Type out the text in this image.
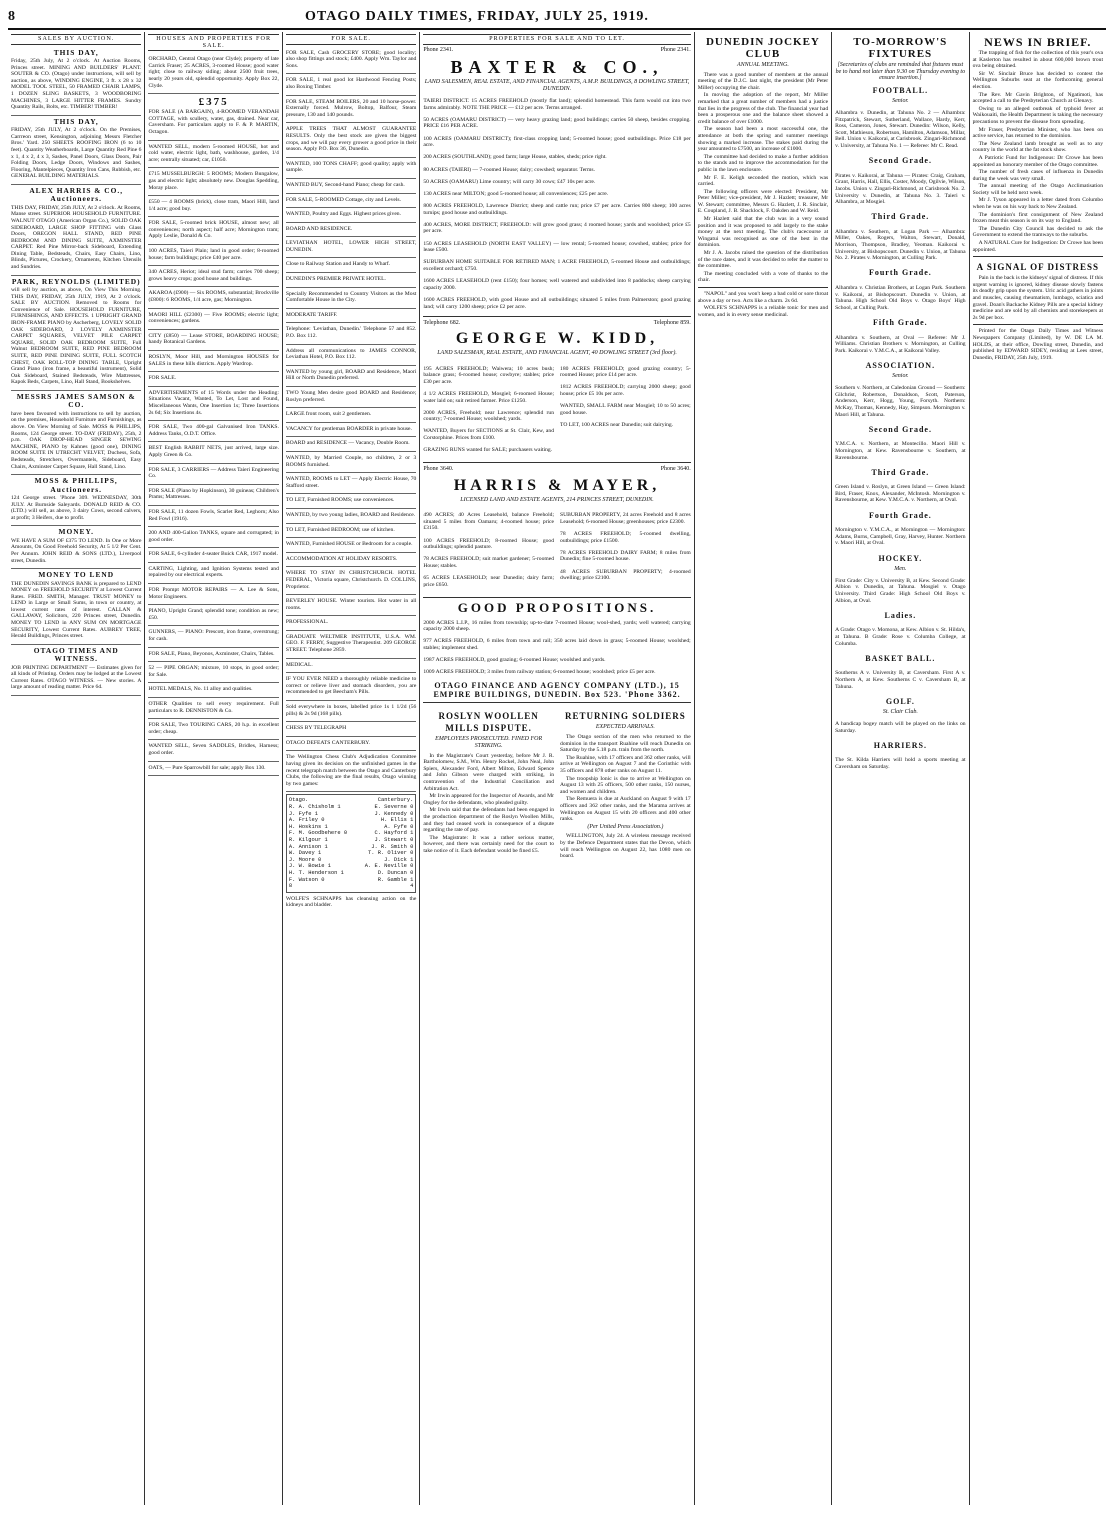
8	OTAGO DAILY TIMES, FRIDAY, JULY 25, 1919.
SALES BY AUCTION.
THIS DAY,

Friday, 25th July, At 2 o'clock. At Auction Rooms, Princes street. MINING AND BUILDERS' PLANT. SOUTER & CO. (Otago) under instructions, will sell by auction, as above, WINDING ENGINE, 3 ft. x 28 x 32 MODEL TOOL STEEL, 50 FRAMED CHAIR LAMPS, 1 DOZEN SLING BASKETS, 3 WOODBORING MACHINES, 3 LARGE HITTER FRAMES. Sundry Quantity Rails, Bolts, etc. TIMBER! TIMBER!

THIS DAY,

FRIDAY, 25th JULY, At 2 o'clock. On the Premises, Carrreon street, Kensington, adjoining Messrs Fletcher Bros.' Yard. 250 SHEETS ROOFING IRON (6 to 10 feet). Quantity Weatherboards, Large Quantity Red Pine 6 x 1, 4 x 2, 4 x 3, Sashes, Panel Doors, Glass Doors, Pair Folding Doors, Ledge Doors, Windows and Sashes, Flooring, Mantelpieces, Quantity Iron Cans, Rubbish, etc. GENERAL BUILDING MATERIALS.

ALEX HARRIS & CO., Auctioneers.

THIS DAY, FRIDAY, 25th JULY, At 2 o'clock. At Rooms, Manse street. SUPERIOR HOUSEHOLD FURNITURE. WALNUT OTAGO (American Organ Co.), SOLID OAK SIDEBOARD, LARGE SHOP FITTING with Glass Doors, OREGON HALL STAND, RED PINE BEDROOM AND DINING SUITE, AXMINSTER CARPET. Red Pine Mirror-back Sideboard, Extending Dining Table, Bedsteads, Chairs, Easy Chairs, Lino, Blinds, Pictures, Crockery, Ornaments, Kitchen Utensils and Sundries.

PARK, REYNOLDS (LIMITED)

will sell by auction, as above, On View This Morning. THIS DAY, FRIDAY, 25th JULY, 1919, At 2 o'clock. SALE BY AUCTION. Removed to Rooms for Convenience of Sale. HOUSEHOLD FURNITURE, FURNISHINGS, AND EFFECTS. 1 UPRIGHT GRAND IRON-FRAME PIANO by Ascherberg, LOVELY SOLID OAK SIDEBOARD, 2 LOVELY AXMINSTER CARPET SQUARES, VELVET PILE CARPET SQUARE, SOLID OAK BEDROOM SUITE, Full Walnut BEDROOM SUITE, RED PINE BEDROOM SUITE, RED PINE DINING SUITE, FULL SCOTCH CHEST, OAK ROLL-TOP DINING TABLE, Upright Grand Piano (iron frame, a beautiful instrument), Solid Oak Sideboard, Stained Bedsteads, Wire Mattresses, Kapok Beds, Carpets, Lino, Hall Stand, Bookshelves.

MESSRS JAMES SAMSON & CO.

have been favoured with instructions to sell by auction, on the premises, Household Furniture and Furnishings, as above. On View Morning of Sale. MOSS & PHILLIPS, Rooms, 124 George street. TO-DAY (FRIDAY), 25th, 2 p.m. OAK DROP-HEAD SINGER SEWING MACHINE, PIANO by Kahnes (good one), DINING ROOM SUITE IN UTRECHT VELVET, Duchess, Sofa, Bedsteads, Stretchers, Overmantels, Sideboard, Easy Chairs, Axminster Carpet Square, Hall Stand, Lino.

MOSS & PHILLIPS, Auctioneers.

124 George street. 'Phone 309. WEDNESDAY, 30th JULY. At Burnside Saleyards. DONALD REID & CO. (LTD.) will sell, as above, 3 dairy Cows, second calvers, at profit; 3 Heifers, due to profit.

MONEY.

WE HAVE A SUM OF £375 TO LEND. In One or More Amounts, On Good Freehold Security, At 5 1/2 Per Cent. Per Annum. JOHN REID & SONS (LTD.), Liverpool street, Dunedin.

MONEY TO LEND

THE DUNEDIN SAVINGS BANK is prepared to LEND MONEY on FREEHOLD SECURITY at Lowest Current Rates. FRED. SMITH, Manager. TRUST MONEY to LEND in Large or Small Sums, in town or country, at lowest current rates of interest. CALLAN & GALLAWAY, Solicitors, 220 Princes street, Dunedin. MONEY TO LEND in ANY SUM ON MORTGAGE SECURITY, Lowest Current Rates. AUBREY TREE, Herald Buildings, Princes street.

OTAGO TIMES AND WITNESS.

JOB PRINTING DEPARTMENT — Estimates given for all kinds of Printing. Orders may be lodged at the Lowest Current Rates. OTAGO WITNESS. — New stories. A large amount of reading matter. Price 6d.

HOUSES AND PROPERTIES FOR SALE.

ORCHARD, Central Otago (near Clyde); property of late Carrick Fraser; 25 ACRES, 3-roomed House; good water right; close to railway siding; about 2500 fruit trees, nearly 20 years old, splendid opportunity. Apply Box 22, Clyde.

£375

FOR SALE (A BARGAIN), 4-ROOMED VERANDAH COTTAGE, with scullery, water, gas, drained. Near car, Caversham. For particulars apply to F. & P. MARTIN, Octagon.

WANTED SELL, modern 5-roomed HOUSE, hot and cold water, electric light, bath, washhouse, garden, 1/4 acre; centrally situated; car, £1050.

£715 MUSSELBURGH: 5 ROOMS; Modern Bungalow, gas and electric light; absolutely new. Douglas Spedding, Moray place.

£550 — 4 ROOMS (brick), close tram, Maori Hill, land 1/4 acre; good buy.

FOR SALE, 5-roomed brick HOUSE, almost new; all conveniences; north aspect; half acre; Mornington tram; Apply Leslie, Donald & Co.

100 ACRES, Taieri Plain; land in good order; 8-roomed house; farm buildings; price £40 per acre.

340 ACRES, Heriot; ideal stud farm; carries 700 sheep; grows heavy crops; good house and buildings.

AKAROA (£900) — Six ROOMS, substantial; Brockville (£800): 6 ROOMS, 1/4 acre, gas; Mornington.

MAORI HILL (£2300) — Five ROOMS; electric light; conveniences; gardens.

CITY (£850) — Lease STORE, BOARDING HOUSE; handy Botanical Gardens.

ROSLYN, Moor Hill, and Mornington HOUSES for SALES in these hills districts. Apply Wardrop.

FOR SALE.

ADVERTISEMENTS of 15 Words under the Heading: Situations Vacant, Wanted, To Let, Lost and Found, Miscellaneous Wants, One Insertion 1s; Three Insertions 2s 6d; Six Insertions 4s.

FOR SALE, Two 400-gal Galvanised Iron TANKS. Address Tanks, O.D.T. Office.

BEST English RABBIT NETS, just arrived, large size. Apply Green & Co.

FOR SALE, 3 CARRIERS — Address Taieri Engineering Co.

FOR SALE (Piano by Hopkinson), 30 guineas; Children's Prams; Mattresses.

FOR SALE, 11 dozen Fowls, Scarlet Red, Leghorn; Also Red Fowl (1916).

200 AND 400-Gallon TANKS, square and corrugated; in good order.

FOR SALE, 6-cylinder 4-seater Buick CAR, 1917 model.

CARTING, Lighting, and Ignition Systems tested and repaired by our electrical experts.

FOR Prompt MOTOR REPAIRS — A. Lee & Sons, Motor Engineers.

PIANO, Upright Grand; splendid tone; condition as new; £50.

GUNNERS, — PIANO: Prescott, iron frame, overstrung; for cash.

FOR SALE, Piano, Beyonos, Axminster, Chairs, Tables.

52 — PIPE ORGAN; mixture, 10 stops, in good order; for Sale.

HOTEL MEDALS, No. 11 alloy and qualities.

OTHER Qualities to sell every requirement. Full particulars to R. DENNISTON & Co.

FOR SALE, Two TOURING CARS, 20 h.p. in excellent order; cheap.

WANTED SELL, Seven SADDLES, Bridles, Harness; good order.

OATS, — Pure Sparrowbill for sale; apply Box 130.

FOR SALE.

FOR SALE, Cash GROCERY STORE; good locality; also shop fittings and stock; £400. Apply Wm. Taylor and Sons.

FOR SALE, 1 real good lot Hardwood Fencing Posts; also Boxing Timber.

FOR SALE, STEAM BOILERS, 20 and 10 horse-power. Externally forced. Mulrow, Boltop, Balfour, Steam pressure, 130 and 140 pounds.

APPLE TREES THAT ALMOST GUARANTEE RESULTS. Only the best stock are given the biggest crops, and we will pay every grower a good price in their season. Apply P.O. Box 36, Dunedin.

WANTED, 100 TONS CHAFF; good quality; apply with sample.

WANTED BUY, Second-hand Piano; cheap for cash.

FOR SALE, 5-ROOMED Cottage, city and Levels.

WANTED, Poultry and Eggs. Highest prices given.

BOARD AND RESIDENCE.

LEVIATHAN HOTEL, LOWER HIGH STREET, DUNEDIN.

Close to Railway Station and Handy to Wharf.

DUNEDIN'S PREMIER PRIVATE HOTEL.

Specially Recommended to Country Visitors as the Most Comfortable House in the City.

MODERATE TARIFF.

Telephone: 'Leviathan, Dunedin.' Telephone 57 and 852. P.O. Box 112.

Address all communications to JAMES CONNOR, Leviathan Hotel, P.O. Box 112.

WANTED by young girl, BOARD and Residence, Maori Hill or North Dunedin preferred.

TWO Young Men desire good BOARD and Residence; Roslyn preferred.

LARGE front room, suit 2 gentlemen.

VACANCY for gentleman BOARDER in private house.

BOARD and RESIDENCE — Vacancy, Double Room.

WANTED, by Married Couple, no children, 2 or 3 ROOMS furnished.

WANTED, ROOMS to LET — Apply Electric House, 70 Stafford street.

TO LET, Furnished ROOMS; use conveniences.

WANTED, by two young ladies, BOARD and Residence.

TO LET, Furnished BEDROOM; use of kitchen.

WANTED, Furnished HOUSE or Bedroom for a couple.

ACCOMMODATION AT HOLIDAY RESORTS.

WHERE TO STAY IN CHRISTCHURCH. HOTEL FEDERAL, Victoria square, Christchurch. D. COLLINS, Proprietor.

BEVERLEY HOUSE. Winter tourists. Hot water in all rooms.

PROFESSIONAL.

GRADUATE WELTMER INSTITUTE, U.S.A. WM. GEO. F. FERRY, Suggestive Therapeutist. 209 GEORGE STREET. Telephone 2859.

MEDICAL.

IF YOU EVER NEED a thoroughly reliable medicine to correct or relieve liver and stomach disorders, you are recommended to get Beecham's Pills.

Sold everywhere in boxes, labelled price 1s 1 1/2d (56 pills) & 2s 9d (168 pills).

CHESS BY TELEGRAPH

OTAGO DEFEATS CANTERBURY.

The Wellington Chess Club's Adjudication Committee having given its decision on the unfinished games in the recent telegraph match between the Otago and Canterbury Clubs, the following are the final results, Otago winning by two games:

Otago.	Canterbury.
R. A. Chisholm 1	E. Severne 0
J. Fyfe 1	J. Kennedy 0
A. Friley 0	H. Ellis 1
H. Hoskins 1	A. Fyfe 0
F. M. Goodbehere 0	C. Hayford 1
R. Kilgour 1	J. Stewart 0
A. Annison 1	J. R. Smith 0
W. Davey 1	T. R. Oliver 0
J. Moore 0	J. Dick 1
J. W. Bowie 1	A. E. Neville 0
H. T. Henderson 1	D. Duncan 0
F. Watson 0	R. Gamble 1
8	4
WOLFE'S SCHNAPPS has cleansing action on the kidneys and bladder.
PROPERTIES FOR SALE AND TO LET.
Phone 2341.	Phone 2341.
BAXTER & CO.,
LAND SALESMEN, REAL ESTATE, AND FINANCIAL AGENTS, A.M.P. BUILDINGS, 8 DOWLING STREET, DUNEDIN.

TAIERI DISTRICT. 15 ACRES FREEHOLD (mostly flat land); splendid homestead. This farm would cut into two farms admirably. NOTE THE PRICE — £12 per acre. Terms arranged.

50 ACRES (OAMARU DISTRICT) — very heavy grazing land; good buildings; carries 50 sheep, besides cropping. PRICE £16 PER ACRE.

100 ACRES (OAMARU DISTRICT); first-class cropping land; 5-roomed house; good outbuildings. Price £18 per acre.

200 ACRES (SOUTHLAND); good farm; large House, stables, sheds; price right.

80 ACRES (TAIERI) — 7-roomed House; dairy; cowshed; separator. Terms.

50 ACRES (OAMARU) Lime country; will carry 30 cows; £47 10s per acre.

130 ACRES near MILTON; good 5-roomed house; all conveniences; £25 per acre.

800 ACRES FREEHOLD, Lawrence District; sheep and cattle run; price £7 per acre. Carries 800 sheep; 100 acres turnips; good house and outbuildings.

400 ACRES, MORE DISTRICT, FREEHOLD: will grow good grass; 4 roomed house; yards and woolshed; price £5 per acre.

150 ACRES LEASEHOLD (NORTH EAST VALLEY) — low rental; 5-roomed house; cowshed, stables; price for lease £500.

SUBURBAN HOME SUITABLE FOR RETIRED MAN; 1 ACRE FREEHOLD, 5-roomed House and outbuildings; excellent orchard; £750.

1600 ACRES LEASEHOLD (rent £150); four homes; well watered and subdivided into 8 paddocks; sheep carrying capacity 2000.

1600 ACRES FREEHOLD, with good House and all outbuildings; situated 5 miles from Palmerston; good grazing land; will carry 1200 sheep; price £2 per acre.

Telephone 682.	Telephone 859.
GEORGE W. KIDD,
LAND SALESMAN, REAL ESTATE, AND FINANCIAL AGENT, 40 DOWLING STREET (3rd floor).

195 ACRES FREEHOLD; Waiwera; 10 acres bush; balance grass; 6-roomed house; cowbyre; stables; price £30 per acre.

4 1/2 ACRES FREEHOLD, Mosgiel; 6-roomed House; water laid on; suit retired farmer. Price £1250.

2000 ACRES, Freehold; near Lawrence; splendid run country; 7-roomed House; woolshed; yards.

WANTED, Buyers for SECTIONS at St. Clair, Kew, and Corstorphine. Prices from £100.

GRAZING RUNS wanted for SALE; purchasers waiting.

180 ACRES FREEHOLD; good grazing country; 5-roomed House; price £14 per acre.

1812 ACRES FREEHOLD; carrying 2000 sheep; good house; price £5 10s per acre.

WANTED, SMALL FARM near Mosgiel; 10 to 50 acres; good house.

TO LET, 100 ACRES near Dunedin; suit dairying.

Phone 3640.	Phone 3640.
HARRIS & MAYER,
LICENSED LAND AND ESTATE AGENTS, 214 PRINCES STREET, DUNEDIN.

490 ACRES; 40 Acres Leasehold, balance Freehold; situated 5 miles from Oamaru; 4-roomed house; price £3150.

100 ACRES FREEHOLD; 8-roomed House; good outbuildings; splendid pasture.

78 ACRES FREEHOLD; suit market gardener; 5-roomed House; stables.

65 ACRES LEASEHOLD; near Dunedin; dairy farm; price £650.

SUBURBAN PROPERTY, 24 acres Freehold and 8 acres Leasehold; 6-roomed House; greenhouses; price £2300.

78 ACRES FREEHOLD; 5-roomed dwelling, outbuildings; price £1500.

78 ACRES FREEHOLD DAIRY FARM; 8 miles from Dunedin; fine 5-roomed house.

48 ACRES SUBURBAN PROPERTY; 4-roomed dwelling; price £2100.

GOOD PROPOSITIONS.

2000 ACRES L.I.P., 16 miles from township; up-to-date 7-roomed House; wool-shed, yards; well watered; carrying capacity 2000 sheep.

977 ACRES FREEHOLD, 6 miles from town and rail; 350 acres laid down in grass; 5-roomed House; woolshed; stables; implement shed.

1987 ACRES FREEHOLD, good grazing; 6-roomed House; woolshed and yards.

1009 ACRES FREEHOLD; 3 miles from railway station; 6-roomed house; woolshed; price £5 per acre.

OTAGO FINANCE AND AGENCY COMPANY (LTD.), 15 EMPIRE BUILDINGS, DUNEDIN. Box 523. 'Phone 3362.
ROSLYN WOOLLEN MILLS DISPUTE.
EMPLOYEES PROSECUTED. FINED FOR STRIKING.

In the Magistrate's Court yesterday, before Mr J. R. Bartholomew, S.M., Wm. Henry Rockel, John Neal, John Spiers, Alexander Ford, Albert Milton, Edward Spence and John Gibson were charged with striking, in contravention of the Industrial Conciliation and Arbitration Act.

Mr Irwin appeared for the Inspector of Awards, and Mr Ongley for the defendants, who pleaded guilty.

Mr Irwin said that the defendants had been engaged in the production department of the Roslyn Woollen Mills, and they had ceased work in consequence of a dispute regarding the rate of pay.

The Magistrate: It was a rather serious matter, however, and there was certainly need for the court to take notice of it. Each defendant would be fined £5.

RETURNING SOLDIERS
EXPECTED ARRIVALS.

The Otago section of the men who returned to the dominion in the transport Ruahine will reach Dunedin on Saturday by the 5.18 p.m. train from the north.

The Ruahine, with 17 officers and 362 other ranks, will arrive at Wellington on August 7 and the Corinthic with 35 officers and 878 other ranks on August 11.

The troopship Ionic is due to arrive at Wellington on August 13 with 25 officers, 500 other ranks, 150 nurses, and women and children.

The Remuera is due at Auckland on August 9 with 17 officers and 362 other ranks, and the Marama arrives at Wellington on August 15 with 20 officers and 400 other ranks.

(Per United Press Association.)

WELLINGTON, July 24. A wireless message received by the Defence Department states that the Devon, which will reach Wellington on August 22, has 1080 men on board.

DUNEDIN JOCKEY CLUB
ANNUAL MEETING.

There was a good number of members at the annual meeting of the D.J.C. last night, the president (Mr Peter Miller) occupying the chair.

In moving the adoption of the report, Mr Miller remarked that a great number of members had a justice that lies in the progress of the club. The financial year had been a prosperous one and the balance sheet showed a credit balance of over £1000.

The season had been a most successful one, the attendance at both the spring and summer meetings showing a marked increase. The stakes paid during the year amounted to £7500, an increase of £1000.

The committee had decided to make a further addition to the stands and to improve the accommodation for the public in the lawn enclosure.

Mr F. E. Keligh seconded the motion, which was carried.

The following officers were elected: President, Mr Peter Miller; vice-president, Mr J. Hazlett; treasurer, Mr W. Stewart; committee, Messrs G. Hazlett, J. R. Sinclair, E. Coupland, J. B. Shacklock, F. Oakden and W. Reid.

Mr Hazlett said that the club was in a very sound position and it was proposed to add largely to the stake money at the next meeting. The club's racecourse at Wingatui was recognised as one of the best in the dominion.

Mr J. A. Jacobs raised the question of the distribution of the race dates, and it was decided to refer the matter to the committee.

The meeting concluded with a vote of thanks to the chair.

"NAPOL" and you won't keep a bad cold or sore throat above a day or two. Acts like a charm. 2s 6d.

WOLFE'S SCHNAPPS is a reliable tonic for men and women, and is in every sense medicinal.

TO-MORROW'S FIXTURES
[Secretaries of clubs are reminded that fixtures must be to hand not later than 9.30 on Thursday evening to ensure insertion.]
FOOTBALL.
Senior.

Alhambra v. Dunedin, at Tahuna No. 2 — Alhambra: Fitzpatrick, Stewart, Sutherland, Wallace, Hardy, Kerr, Ross, Cameron, Jones, Stewart. Dunedin: Wilson, Kelly, Scott, Mathieson, Robertson, Hamilton, Adamson, Millar, Bell. Union v. Kaikorai, at Carisbrook. Zingari-Richmond v. University, at Tahuna No. 1 — Referee: Mr C. Read.

Second Grade.

Pirates v. Kaikorai, at Tahuna — Pirates: Craig, Graham, Grant, Harris, Hall, Ellis, Coster, Moody, Ogilvie, Wilson, Jacobs. Union v. Zingari-Richmond, at Carisbrook No. 2. University v. Dunedin, at Tahuna No. 3. Taieri v. Alhambra, at Mosgiel.

Third Grade.

Alhambra v. Southern, at Logan Park — Alhambra: Miller, Oakes, Rogers, Walton, Stewart, Donald, Morrison, Thompson, Bradley, Yeoman. Kaikorai v. University, at Bishopscourt. Dunedin v. Union, at Tahuna No. 2. Pirates v. Mornington, at Culling Park.

Fourth Grade.

Alhambra v. Christian Brothers, at Logan Park. Southern v. Kaikorai, at Bishopscourt. Dunedin v. Union, at Tahuna. High School Old Boys v. Otago Boys' High School, at Culling Park.

Fifth Grade.

Alhambra v. Southern, at Oval — Referee: Mr J. Williams. Christian Brothers v. Mornington, at Culling Park. Kaikorai v. Y.M.C.A., at Kaikorai Valley.

ASSOCIATION.
Senior.

Southern v. Northern, at Caledonian Ground — Southern: Gilchrist, Robertson, Donaldson, Scott, Paterson, Anderson, Kerr, Hogg, Young, Forsyth. Northern: McKay, Thomas, Kennedy, Hay, Simpson. Mornington v. Maori Hill, at Tahuna.

Second Grade.

Y.M.C.A. v. Northern, at Montecillo. Maori Hill v. Mornington, at Kew. Ravensbourne v. Southern, at Ravensbourne.

Third Grade.

Green Island v. Roslyn, at Green Island — Green Island: Bird, Fraser, Knox, Alexander, McIntosh. Mornington v. Ravensbourne, at Kew. Y.M.C.A. v. Northern, at Oval.

Fourth Grade.

Mornington v. Y.M.C.A., at Mornington — Mornington: Adams, Burns, Campbell, Gray, Harvey, Hunter. Northern v. Maori Hill, at Oval.

HOCKEY.
Men.

First Grade: City v. University B, at Kew. Second Grade: Albion v. Dunedin, at Tahuna. Mosgiel v. Otago University. Third Grade: High School Old Boys v. Albion, at Oval.

Ladies.

A Grade: Otago v. Momona, at Kew. Albion v. St. Hilda's, at Tahuna. B Grade: Rose v. Columba College, at Columba.

BASKET BALL.

Southerns A v. University B, at Caversham. First A v. Northern A, at Kew. Southerns C v. Caversham B, at Tahuna.

GOLF.
St. Clair Club.

A handicap bogey match will be played on the links on Saturday.

HARRIERS.

The St. Kilda Harriers will hold a sports meeting at Caversham on Saturday.

NEWS IN BRIEF.

The trapping of fish for the collection of this year's ova at Kaslerton has resulted in about 600,000 brown trout ova being obtained.

Sir W. Sinclair Bruce has decided to contest the Wellington Suburbs seat at the forthcoming general election.

The Rev. Mr Gavin Brighton, of Ngatimoti, has accepted a call to the Presbyterian Church at Glenavy.

Owing to an alleged outbreak of typhoid fever at Waikouaiti, the Health Department is taking the necessary precautions to prevent the disease from spreading.

Mr Fraser, Presbyterian Minister, who has been on active service, has returned to the dominion.

The New Zealand lamb brought as well as to any country in the world at the fat stock show.

A Patriotic Fund for Indigenous: Dr Crowe has been appointed an honorary member of the Otago committee.

The number of fresh cases of influenza in Dunedin during the week was very small.

The annual meeting of the Otago Acclimatisation Society will be held next week.

Mr J. Tyson appeared in a letter dated from Columbo when he was on his way back to New Zealand.

The dominion's first consignment of New Zealand frozen meat this season is on its way to England.

The Dunedin City Council has decided to ask the Government to extend the tramways to the suburbs.

A NATURAL Cure for Indigestion: Dr Crowe has been appointed.

A SIGNAL OF DISTRESS

Pain in the back is the kidneys' signal of distress. If this urgent warning is ignored, kidney disease slowly fastens its deadly grip upon the system. Uric acid gathers in joints and muscles, causing rheumatism, lumbago, sciatica and gravel. Doan's Backache Kidney Pills are a special kidney medicine and are sold by all chemists and storekeepers at 2s 9d per box.

Printed for the Otago Daily Times and Witness Newspapers Company (Limited), by W. DE LA M. HOLDS, at their office, Dowling street, Dunedin, and published by EDWARD SIDEY, residing at Lees street, Dunedin, FRIDAY, 25th July, 1919.
